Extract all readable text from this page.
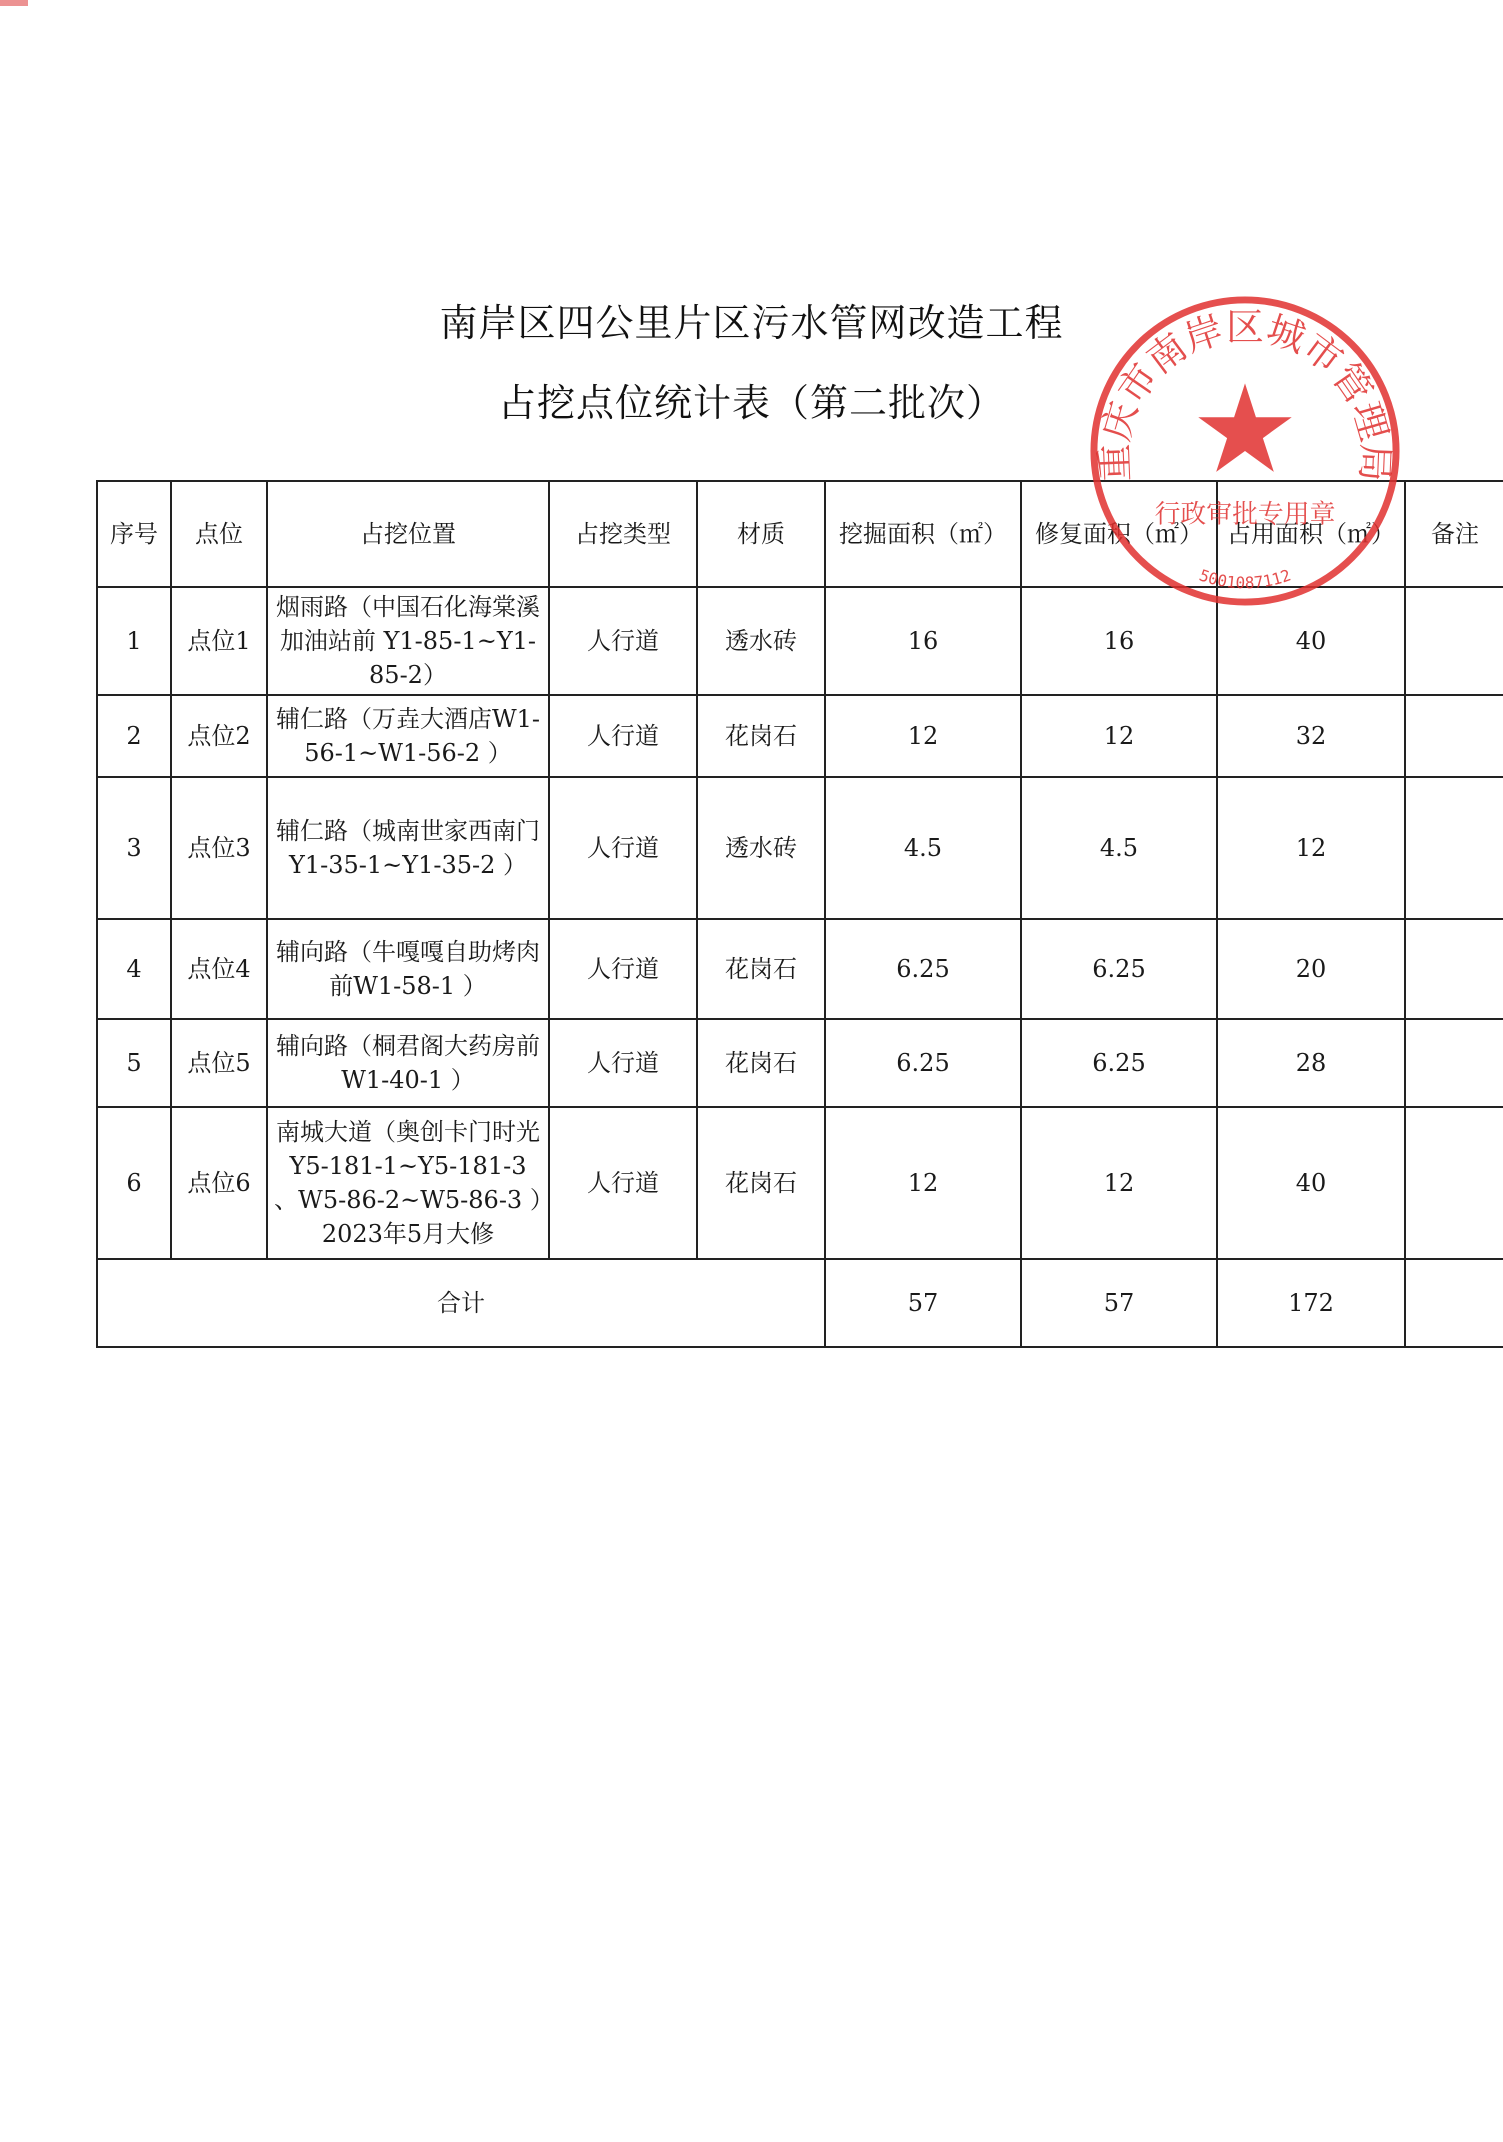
南岸区四公里片区污水管网改造工程
占挖点位统计表（第二批次）
序号	点位	占挖位置	占挖类型	材质	挖掘面积（㎡）	修复面积（㎡）	占用面积（㎡）	备注
1	点位1	烟雨路（中国石化海棠溪加油站前 Y1-85-1~Y1-85-2）	人行道	透水砖	16	16	40	
2	点位2	辅仁路（万垚大酒店W1-56-1~W1-56-2 ）	人行道	花岗石	12	12	32	
3	点位3	辅仁路（城南世家西南门Y1-35-1~Y1-35-2 ）	人行道	透水砖	4.5	4.5	12	
4	点位4	辅向路（牛嘎嘎自助烤肉前W1-58-1 ）	人行道	花岗石	6.25	6.25	20	
5	点位5	辅向路（桐君阁大药房前W1-40-1 ）	人行道	花岗石	6.25	6.25	28	
6	点位6	南城大道（奥创卡门时光Y5-181-1~Y5-181-3 、W5-86-2~W5-86-3 ）2023年5月大修	人行道	花岗石	12	12	40	
合计					57	57	172	
重庆市南岸区城市管理局
行政审批专用章
5001087112
